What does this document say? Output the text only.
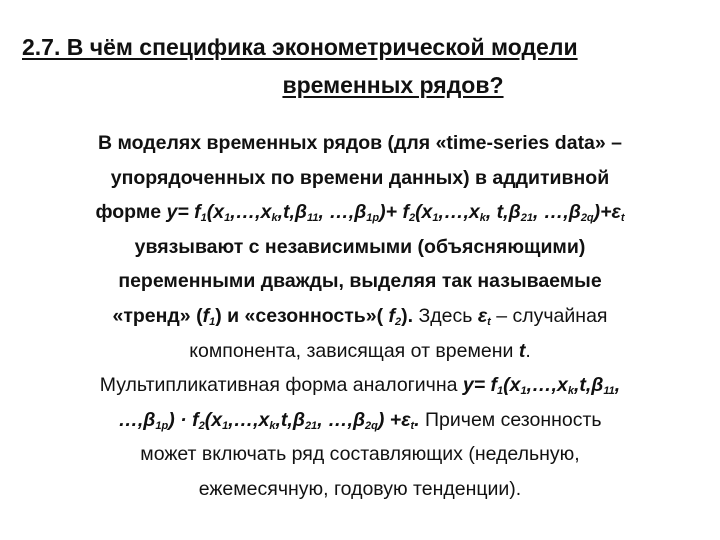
2.7. В чём специфика эконометрической модели
временных рядов?
В моделях временных рядов (для «time-series data» –
упорядоченных по времени данных) в аддитивной
форме $y= f_1(x_1,\dots,x_k,t,\beta_{11}$, $\dots,\beta_{1p})+$ $f_2(x_1,\dots,x_k$, $t,\beta_{21}$, $\dots,\beta_{2q})+\varepsilon_t$
увязывают с независимыми (объясняющими)
переменными дважды, выделяя так называемые
«тренд» $(f_1)$ и «сезонность»( $f_2$). Здесь $\varepsilon_t$ – случайная
компонента, зависящая от времени t.
Мультипликативная форма аналогична $y= f_1(x_1,\dots,x_k,t,\beta_{11}$,
$\dots,\beta_{1p}$) · $f_2(x_1,\dots,x_k,t,\beta_{21}$, $\dots,\beta_{2q}) +\varepsilon_t$. Причем сезонность
может включать ряд составляющих (недельную,
ежемесячную, годовую тенденции).
